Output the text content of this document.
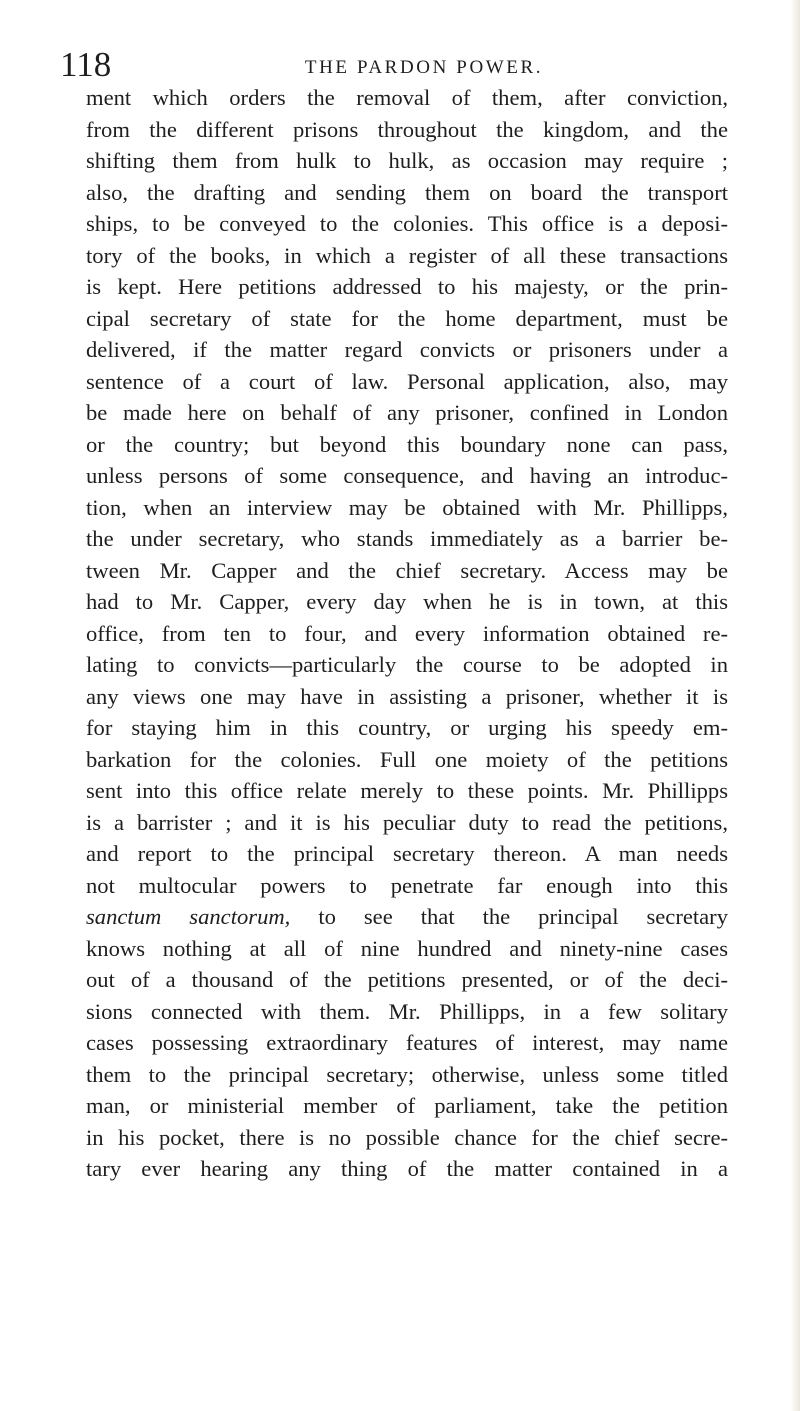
118	THE PARDON POWER.
ment which orders the removal of them, after conviction,
from the different prisons throughout the kingdom, and the
shifting them from hulk to hulk, as occasion may require ;
also, the drafting and sending them on board the transport
ships, to be conveyed to the colonies. This office is a deposi-
tory of the books, in which a register of all these transactions
is kept. Here petitions addressed to his majesty, or the prin-
cipal secretary of state for the home department, must be
delivered, if the matter regard convicts or prisoners under a
sentence of a court of law. Personal application, also, may
be made here on behalf of any prisoner, confined in London
or the country; but beyond this boundary none can pass,
unless persons of some consequence, and having an introduc-
tion, when an interview may be obtained with Mr. Phillipps,
the under secretary, who stands immediately as a barrier be-
tween Mr. Capper and the chief secretary. Access may be
had to Mr. Capper, every day when he is in town, at this
office, from ten to four, and every information obtained re-
lating to convicts—particularly the course to be adopted in
any views one may have in assisting a prisoner, whether it is
for staying him in this country, or urging his speedy em-
barkation for the colonies. Full one moiety of the petitions
sent into this office relate merely to these points. Mr. Phillipps
is a barrister ; and it is his peculiar duty to read the petitions,
and report to the principal secretary thereon. A man needs
not multocular powers to penetrate far enough into this
sanctum sanctorum, to see that the principal secretary
knows nothing at all of nine hundred and ninety-nine cases
out of a thousand of the petitions presented, or of the deci-
sions connected with them. Mr. Phillipps, in a few solitary
cases possessing extraordinary features of interest, may name
them to the principal secretary; otherwise, unless some titled
man, or ministerial member of parliament, take the petition
in his pocket, there is no possible chance for the chief secre-
tary ever hearing any thing of the matter contained in a
